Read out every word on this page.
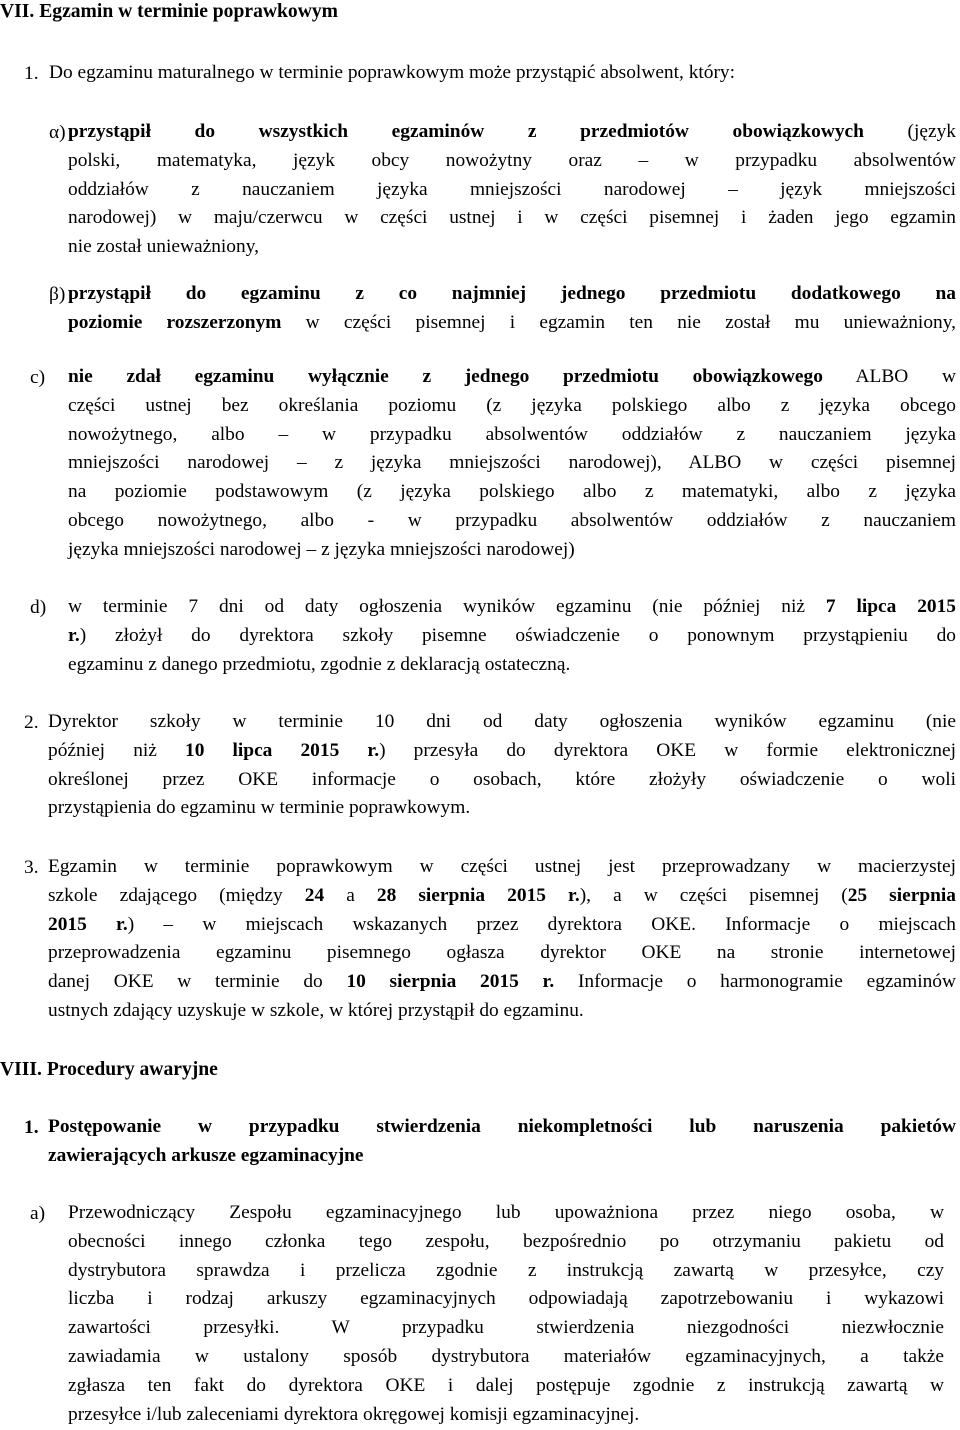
VII. Egzamin w terminie poprawkowym
1. Do egzaminu maturalnego w terminie poprawkowym może przystąpić absolwent, który:
α) przystąpił do wszystkich egzaminów z przedmiotów obowiązkowych (język
polski, matematyka, język obcy nowożytny oraz – w przypadku absolwentów
oddziałów z nauczaniem języka mniejszości narodowej – język mniejszości
narodowej) w maju/czerwcu w części ustnej i w części pisemnej i żaden jego egzamin
nie został unieważniony,
β) przystąpił do egzaminu z co najmniej jednego przedmiotu dodatkowego na
poziomie rozszerzonym w części pisemnej i egzamin ten nie został mu unieważniony,
c) nie zdał egzaminu wyłącznie z jednego przedmiotu obowiązkowego ALBO w
części ustnej bez określania poziomu (z języka polskiego albo z języka obcego
nowożytnego, albo – w przypadku absolwentów oddziałów z nauczaniem języka
mniejszości narodowej – z języka mniejszości narodowej), ALBO w części pisemnej
na poziomie podstawowym (z języka polskiego albo z matematyki, albo z języka
obcego nowożytnego, albo - w przypadku absolwentów oddziałów z nauczaniem
języka mniejszości narodowej – z języka mniejszości narodowej)
d) w terminie 7 dni od daty ogłoszenia wyników egzaminu (nie później niż 7 lipca 2015
r.) złożył do dyrektora szkoły pisemne oświadczenie o ponownym przystąpieniu do
egzaminu z danego przedmiotu, zgodnie z deklaracją ostateczną.
2. Dyrektor szkoły w terminie 10 dni od daty ogłoszenia wyników egzaminu (nie
później niż 10 lipca 2015 r.) przesyła do dyrektora OKE w formie elektronicznej
określonej przez OKE informacje o osobach, które złożyły oświadczenie o woli
przystąpienia do egzaminu w terminie poprawkowym.
3. Egzamin w terminie poprawkowym w części ustnej jest przeprowadzany w macierzystej
szkole zdającego (między 24 a 28 sierpnia 2015 r.), a w części pisemnej (25 sierpnia
2015 r.) – w miejscach wskazanych przez dyrektora OKE. Informacje o miejscach
przeprowadzenia egzaminu pisemnego ogłasza dyrektor OKE na stronie internetowej
danej OKE w terminie do 10 sierpnia 2015 r. Informacje o harmonogramie egzaminów
ustnych zdający uzyskuje w szkole, w której przystąpił do egzaminu.
VIII. Procedury awaryjne
1. Postępowanie w przypadku stwierdzenia niekompletności lub naruszenia pakietów
zawierających arkusze egzaminacyjne
a) Przewodniczący Zespołu egzaminacyjnego lub upoważniona przez niego osoba, w
obecności innego członka tego zespołu, bezpośrednio po otrzymaniu pakietu od
dystrybutora sprawdza i przelicza zgodnie z instrukcją zawartą w przesyłce, czy
liczba i rodzaj arkuszy egzaminacyjnych odpowiadają zapotrzebowaniu i wykazowi
zawartości przesyłki. W przypadku stwierdzenia niezgodności niezwłocznie
zawiadamia w ustalony sposób dystrybutora materiałów egzaminacyjnych, a także
zgłasza ten fakt do dyrektora OKE i dalej postępuje zgodnie z instrukcją zawartą w
przesyłce i/lub zaleceniami dyrektora okręgowej komisji egzaminacyjnej.
